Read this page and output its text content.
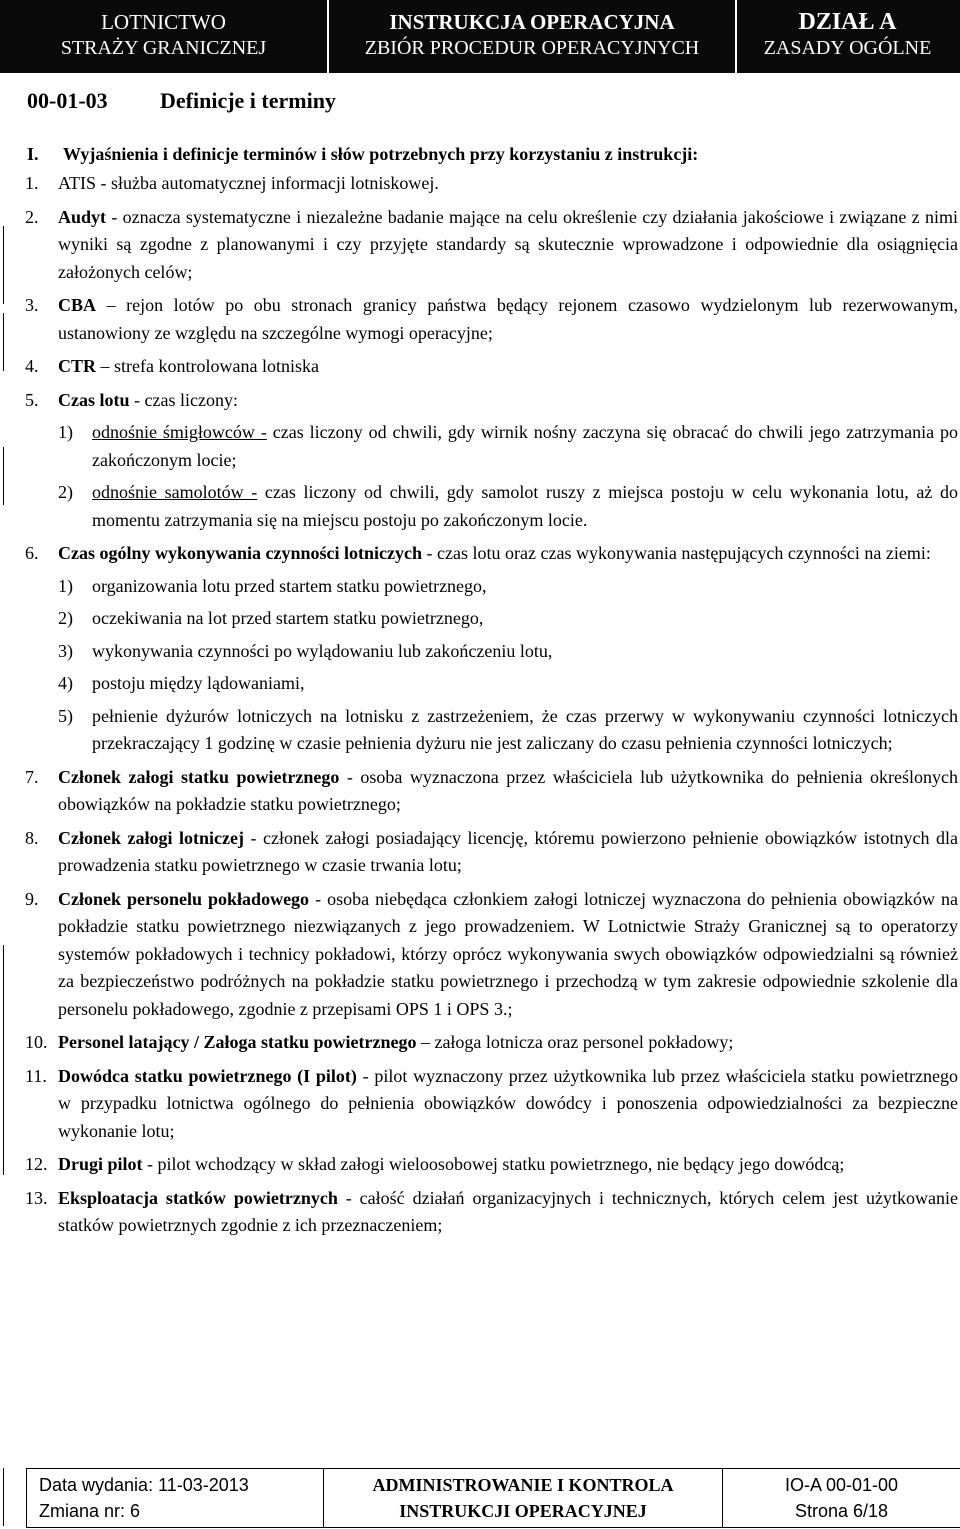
LOTNICTWO
STRAŻY GRANICZNEJ
INSTRUKCJA OPERACYJNA
ZBIÓR PROCEDUR OPERACYJNYCH
DZIAŁ A
ZASADY OGÓLNE
00-01-03 Definicje i terminy
I. Wyjaśnienia i definicje terminów i słów potrzebnych przy korzystaniu z instrukcji:
1.	ATIS - służba automatycznej informacji lotniskowej.
2.	Audyt - oznacza systematyczne i niezależne badanie mające na celu określenie czy działania jakościowe i związane z nimi wyniki są zgodne z planowanymi i czy przyjęte standardy są skutecznie wprowadzone i odpowiednie dla osiągnięcia założonych celów;
3.	CBA – rejon lotów po obu stronach granicy państwa będący rejonem czasowo wydzielonym lub rezerwowanym, ustanowiony ze względu na szczególne wymogi operacyjne;
4.	CTR – strefa kontrolowana lotniska
5.	Czas lotu - czas liczony:
1)	odnośnie śmigłowców - czas liczony od chwili, gdy wirnik nośny zaczyna się obracać do chwili jego zatrzymania po zakończonym locie;
2)	odnośnie samolotów - czas liczony od chwili, gdy samolot ruszy z miejsca postoju w celu wykonania lotu, aż do momentu zatrzymania się na miejscu postoju po zakończonym locie.
6.	Czas ogólny wykonywania czynności lotniczych - czas lotu oraz czas wykonywania następujących czynności na ziemi:
1)	organizowania lotu przed startem statku powietrznego,
2)	oczekiwania na lot przed startem statku powietrznego,
3)	wykonywania czynności po wylądowaniu lub zakończeniu lotu,
4)	postoju między lądowaniami,
5)	pełnienie dyżurów lotniczych na lotnisku z zastrzeżeniem, że czas przerwy w wykonywaniu czynności lotniczych przekraczający 1 godzinę w czasie pełnienia dyżuru nie jest zaliczany do czasu pełnienia czynności lotniczych;
7.	Członek załogi statku powietrznego - osoba wyznaczona przez właściciela lub użytkownika do pełnienia określonych obowiązków na pokładzie statku powietrznego;
8.	Członek załogi lotniczej - członek załogi posiadający licencję, któremu powierzono pełnienie obowiązków istotnych dla prowadzenia statku powietrznego w czasie trwania lotu;
9.	Członek personelu pokładowego - osoba niebędąca członkiem załogi lotniczej wyznaczona do pełnienia obowiązków na pokładzie statku powietrznego niezwiązanych z jego prowadzeniem. W Lotnictwie Straży Granicznej są to operatorzy systemów pokładowych i technicy pokładowi, którzy oprócz wykonywania swych obowiązków odpowiedzialni są również za bezpieczeństwo podróżnych na pokładzie statku powietrznego i przechodzą w tym zakresie odpowiednie szkolenie dla personelu pokładowego, zgodnie z przepisami OPS 1 i OPS 3.;
10. Personel latający / Załoga statku powietrznego – załoga lotnicza oraz personel pokładowy;
11. Dowódca statku powietrznego (I pilot) - pilot wyznaczony przez użytkownika lub przez właściciela statku powietrznego w przypadku lotnictwa ogólnego do pełnienia obowiązków dowódcy i ponoszenia odpowiedzialności za bezpieczne wykonanie lotu;
12. Drugi pilot - pilot wchodzący w skład załogi wieloosobowej statku powietrznego, nie będący jego dowódcą;
13. Eksploatacja statków powietrznych - całość działań organizacyjnych i technicznych, których celem jest użytkowanie statków powietrznych zgodnie z ich przeznaczeniem;
Data wydania: 11-03-2013
Zmiana nr: 6
ADMINISTROWANIE I KONTROLA
INSTRUKCJI OPERACYJNEJ
IO-A 00-01-00
Strona 6/18
